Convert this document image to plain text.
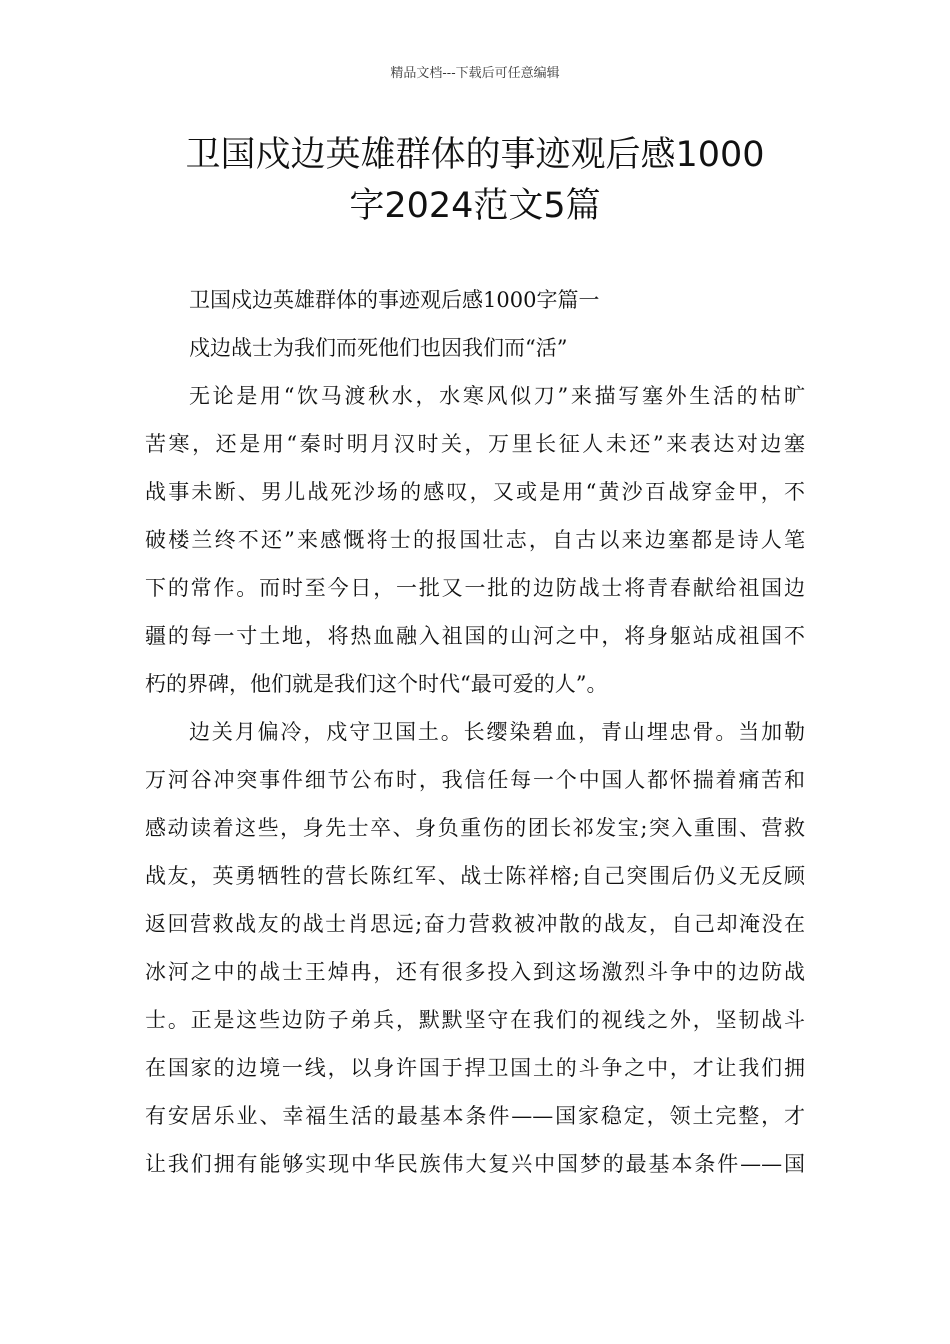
精品文档---下载后可任意编辑
卫国戍边英雄群体的事迹观后感1000
字2024范文5篇
卫国戍边英雄群体的事迹观后感1000字篇一
戍边战士为我们而死他们也因我们而“活”
无论是用“饮马渡秋水，水寒风似刀”来描写塞外生活的枯旷
苦寒，还是用“秦时明月汉时关，万里长征人未还”来表达对边塞
战事未断、男儿战死沙场的感叹，又或是用“黄沙百战穿金甲，不
破楼兰终不还”来感慨将士的报国壮志，自古以来边塞都是诗人笔
下的常作。而时至今日，一批又一批的边防战士将青春献给祖国边
疆的每一寸土地，将热血融入祖国的山河之中，将身躯站成祖国不
朽的界碑，他们就是我们这个时代“最可爱的人”。
边关月偏冷，戍守卫国土。长缨染碧血，青山埋忠骨。当加勒
万河谷冲突事件细节公布时，我信任每一个中国人都怀揣着痛苦和
感动读着这些，身先士卒、身负重伤的团长祁发宝;突入重围、营救
战友，英勇牺牲的营长陈红军、战士陈祥榕;自己突围后仍义无反顾
返回营救战友的战士肖思远;奋力营救被冲散的战友，自己却淹没在
冰河之中的战士王焯冉，还有很多投入到这场激烈斗争中的边防战
士。正是这些边防子弟兵，默默坚守在我们的视线之外，坚韧战斗
在国家的边境一线，以身许国于捍卫国土的斗争之中，才让我们拥
有安居乐业、幸福生活的最基本条件——国家稳定，领土完整，才
让我们拥有能够实现中华民族伟大复兴中国梦的最基本条件——国
